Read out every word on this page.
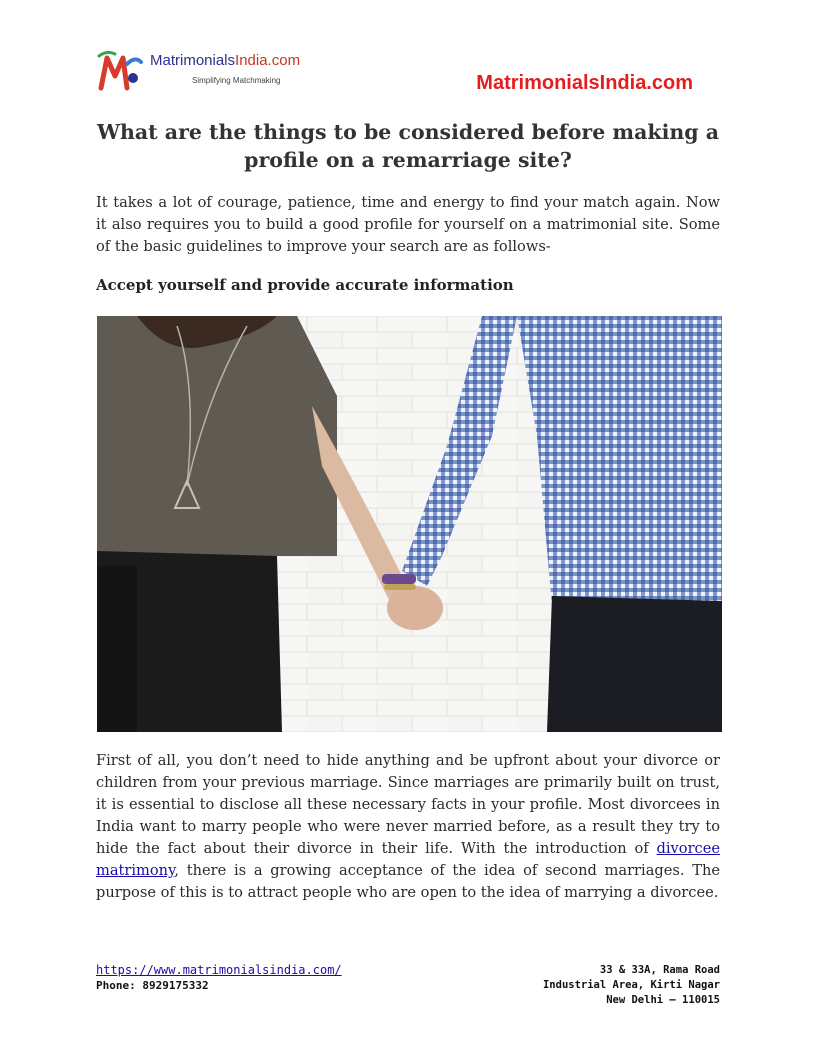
MatrimonialsIndia.com
Simplifying Matchmaking	MatrimonialsIndia.com
What are the things to be considered before making a profile on a remarriage site?

It takes a lot of courage, patience, time and energy to find your match again. Now it also requires you to build a good profile for yourself on a matrimonial site. Some of the basic guidelines to improve your search are as follows-

Accept yourself and provide accurate information

First of all, you don’t need to hide anything and be upfront about your divorce or children from your previous marriage. Since marriages are primarily built on trust, it is essential to disclose all these necessary facts in your profile. Most divorcees in India want to marry people who were never married before, as a result they try to hide the fact about their divorce in their life. With the introduction of divorcee matrimony, there is a growing acceptance of the idea of second marriages. The purpose of this is to attract people who are open to the idea of marrying a divorcee.

https://www.matrimonialsindia.com/
Phone: 8929175332
33 & 33A, Rama Road
Industrial Area, Kirti Nagar
New Delhi – 110015
